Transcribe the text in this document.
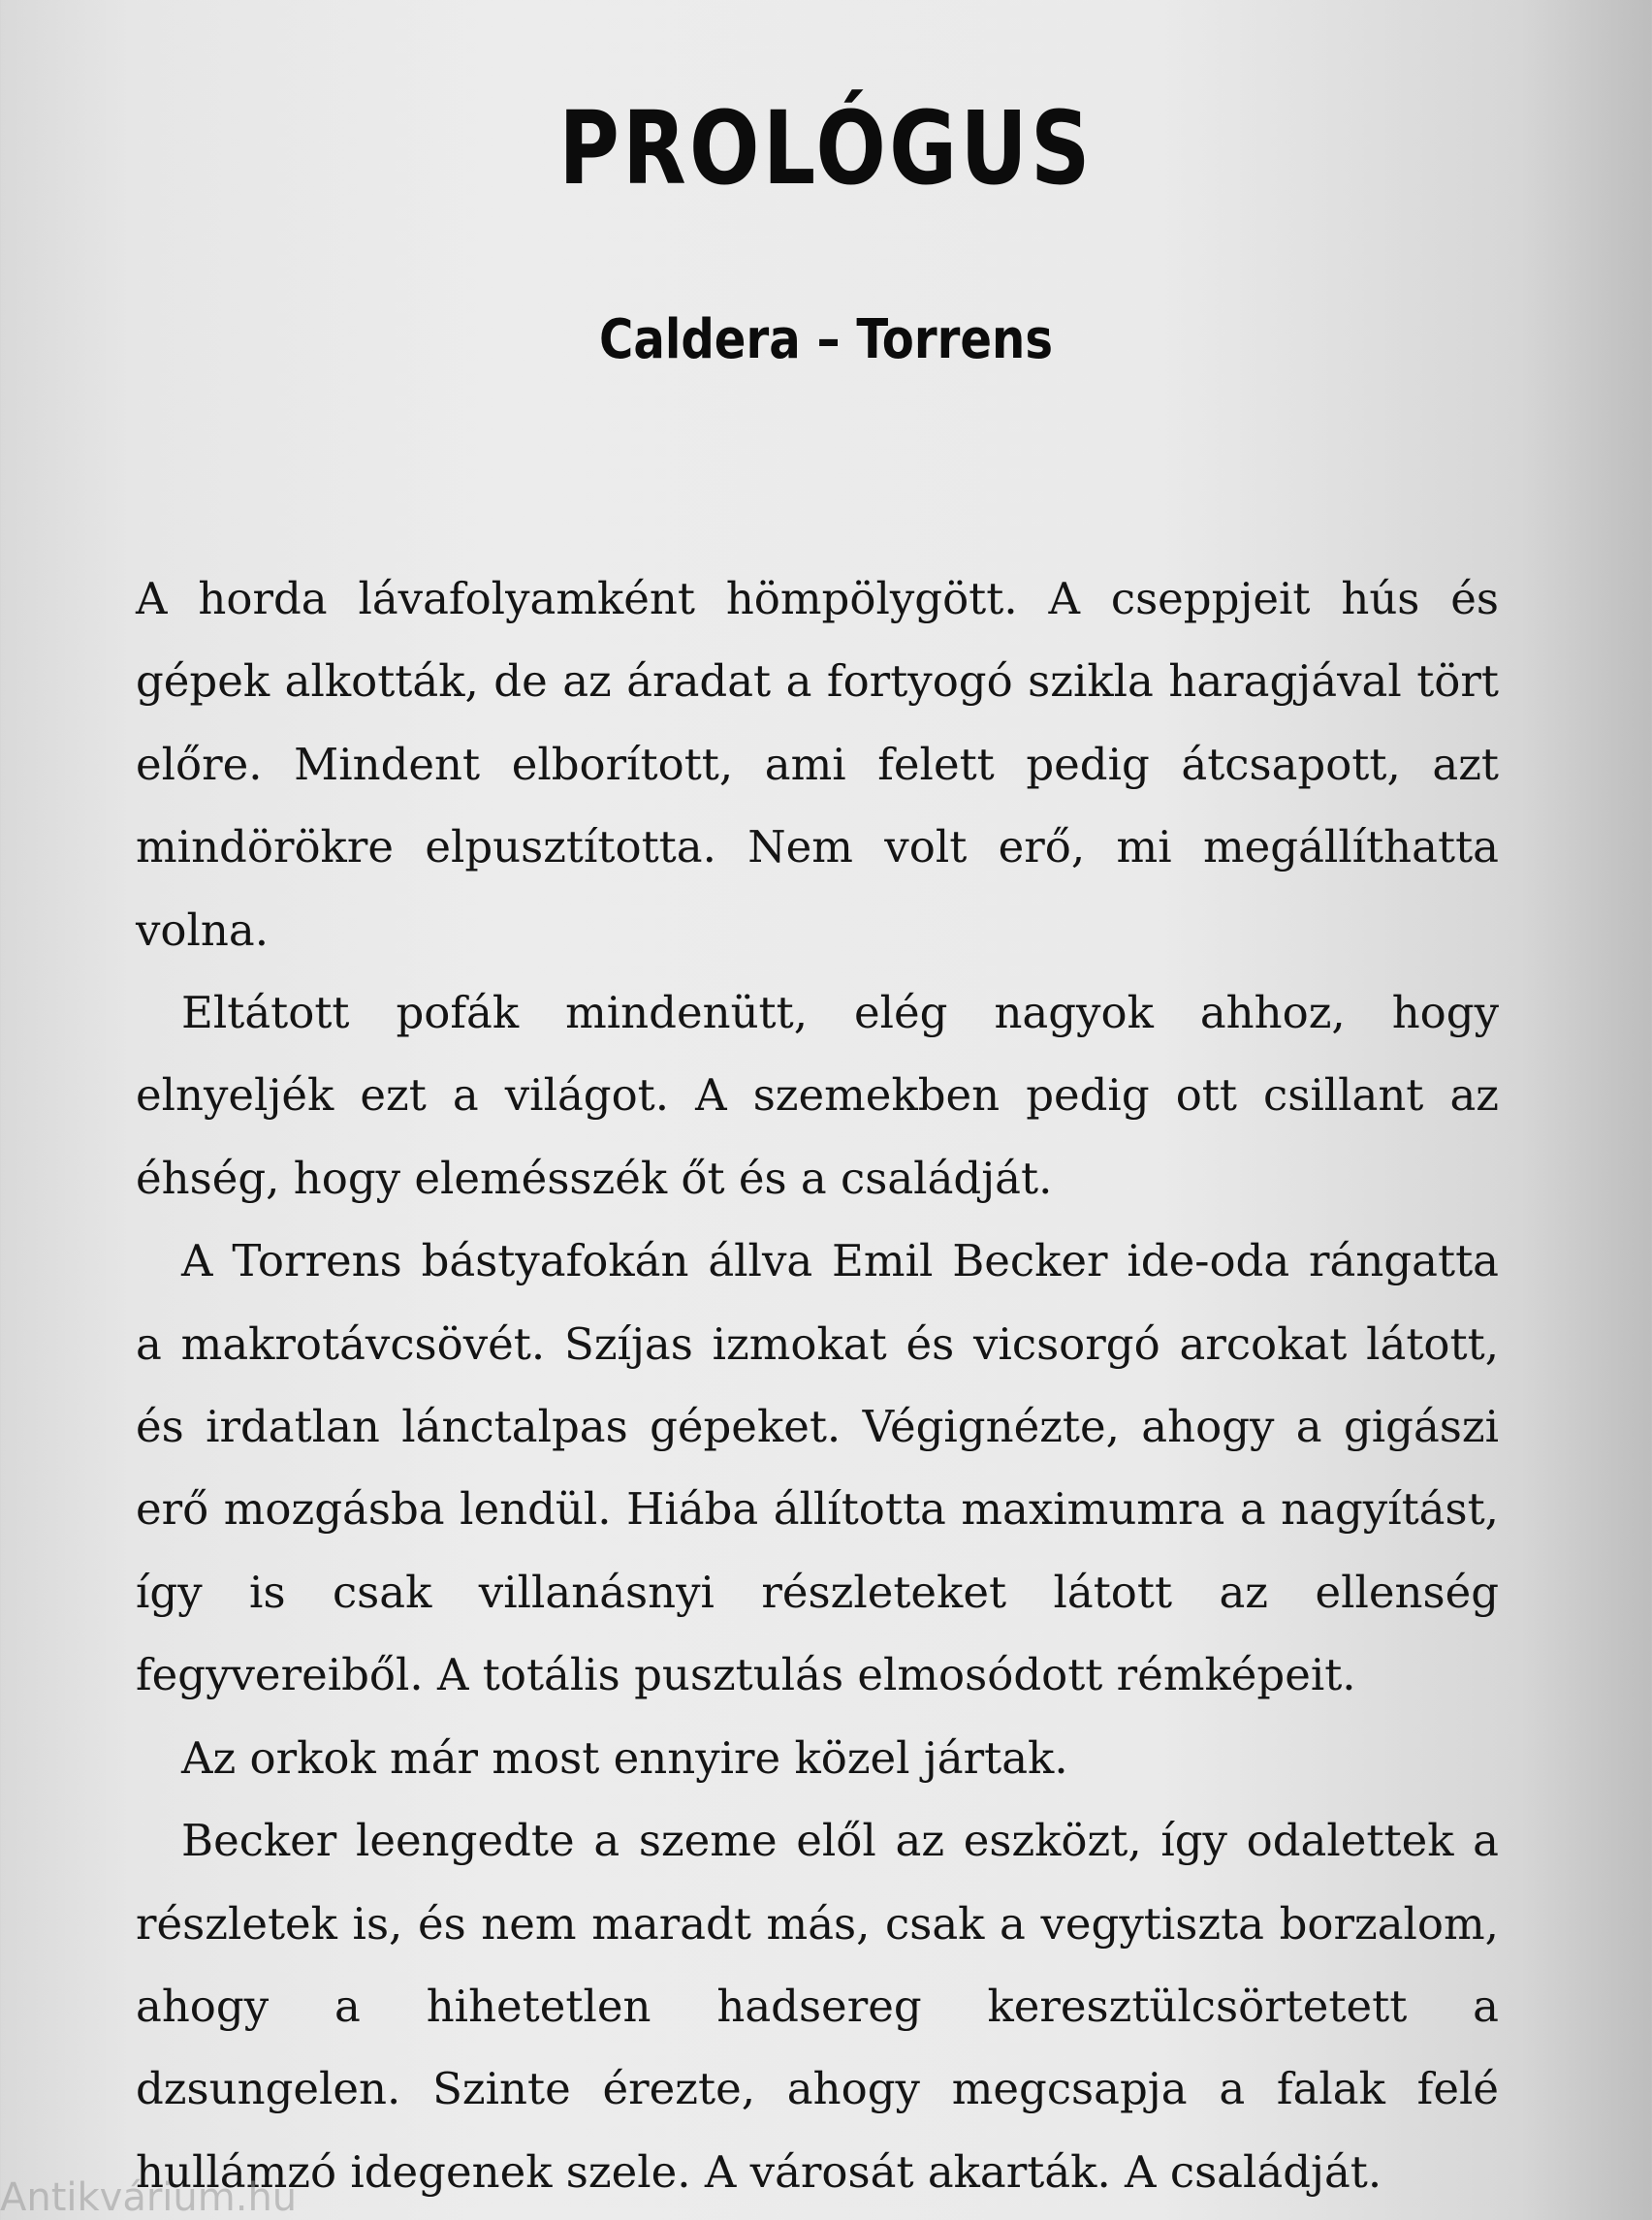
PROLÓGUS
Caldera – Torrens

A horda lávafolyamként hömpölygött. A cseppjeit hús és gépek alkották, de az áradat a fortyogó szikla haragjával tört előre. Mindent elborított, ami felett pedig átcsapott, azt mindörökre elpusztította. Nem volt erő, mi megállíthatta volna.

Eltátott pofák mindenütt, elég nagyok ahhoz, hogy elnyeljék ezt a világot. A szemekben pedig ott csillant az éhség, hogy elemésszék őt és a családját.

A Torrens bástyafokán állva Emil Becker ide-oda rángatta a makrotávcsövét. Szíjas izmokat és vicsorgó arcokat látott, és irdatlan lánctalpas gépeket. Végignézte, ahogy a gigászi erő mozgásba lendül. Hiába állította maximumra a nagyítást, így is csak villanásnyi részleteket látott az ellenség fegyvereiből. A totális pusztulás elmosódott rémképeit.

Az orkok már most ennyire közel jártak.

Becker leengedte a szeme elől az eszközt, így odalettek a részletek is, és nem maradt más, csak a vegytiszta borzalom, ahogy a hihetetlen hadsereg keresztülcsörtetett a dzsungelen. Szinte érezte, ahogy megcsapja a falak felé hullámzó idegenek szele. A városát akarták. A családját.

Antikvárium.hu
